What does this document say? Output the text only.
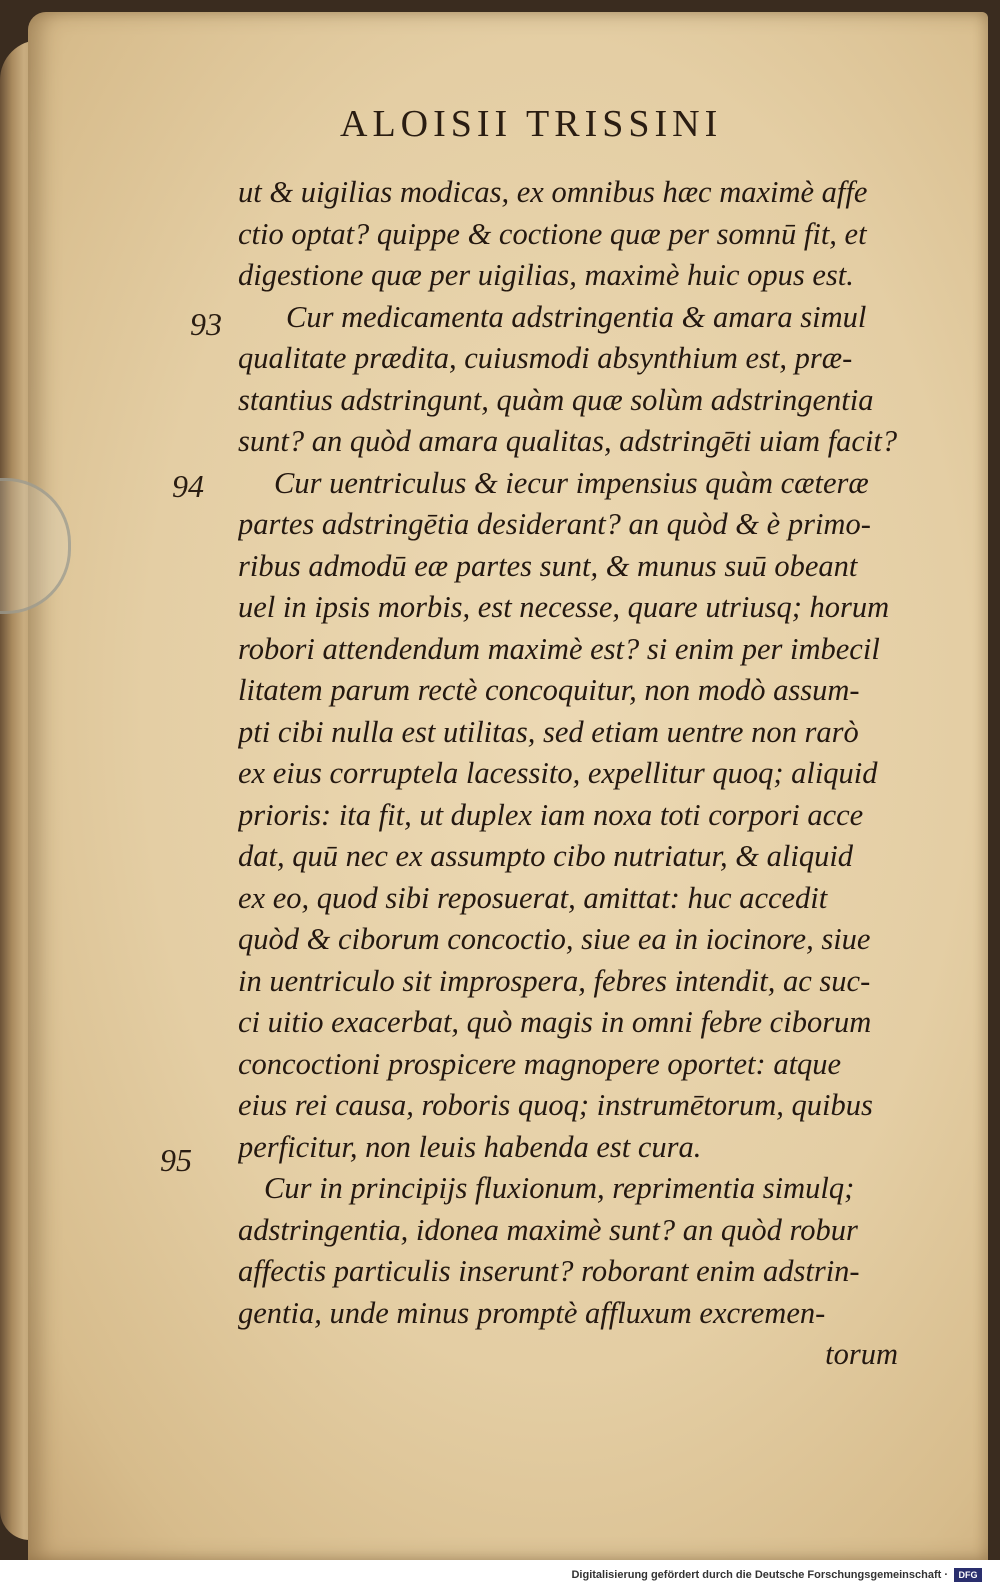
ALOISII TRISSINI
93
94
95
ut & uigilias modicas, ex omnibus hæc maximè affe
ctio optat? quippe & coctione quæ per somnū fit, et
digestione quæ per uigilias, maximè huic opus est.
Cur medicamenta adstringentia & amara simul
qualitate prædita, cuiusmodi absynthium est, præ-
stantius adstringunt, quàm quæ solùm adstringentia
sunt? an quòd amara qualitas, adstringēti uiam facit?
Cur uentriculus & iecur impensius quàm cæteræ
partes adstringētia desiderant? an quòd & è primo-
ribus admodū eæ partes sunt, & munus suū obeant
uel in ipsis morbis, est necesse, quare utriusq; horum
robori attendendum maximè est? si enim per imbecil
litatem parum rectè concoquitur, non modò assum-
pti cibi nulla est utilitas, sed etiam uentre non rarò
ex eius corruptela lacessito, expellitur quoq; aliquid
prioris: ita fit, ut duplex iam noxa toti corpori acce
dat, quū nec ex assumpto cibo nutriatur, & aliquid
ex eo, quod sibi reposuerat, amittat: huc accedit
quòd & ciborum concoctio, siue ea in iocinore, siue
in uentriculo sit improspera, febres intendit, ac suc-
ci uitio exacerbat, quò magis in omni febre ciborum
concoctioni prospicere magnopere oportet: atque
eius rei causa, roboris quoq; instrumētorum, quibus
perficitur, non leuis habenda est cura.
Cur in principijs fluxionum, reprimentia simulq;
adstringentia, idonea maximè sunt? an quòd robur
affectis particulis inserunt? roborant enim adstrin-
gentia, unde minus promptè affluxum excremen-
torum
Digitalisierung gefördert durch die Deutsche Forschungsgemeinschaft ·	DFG
